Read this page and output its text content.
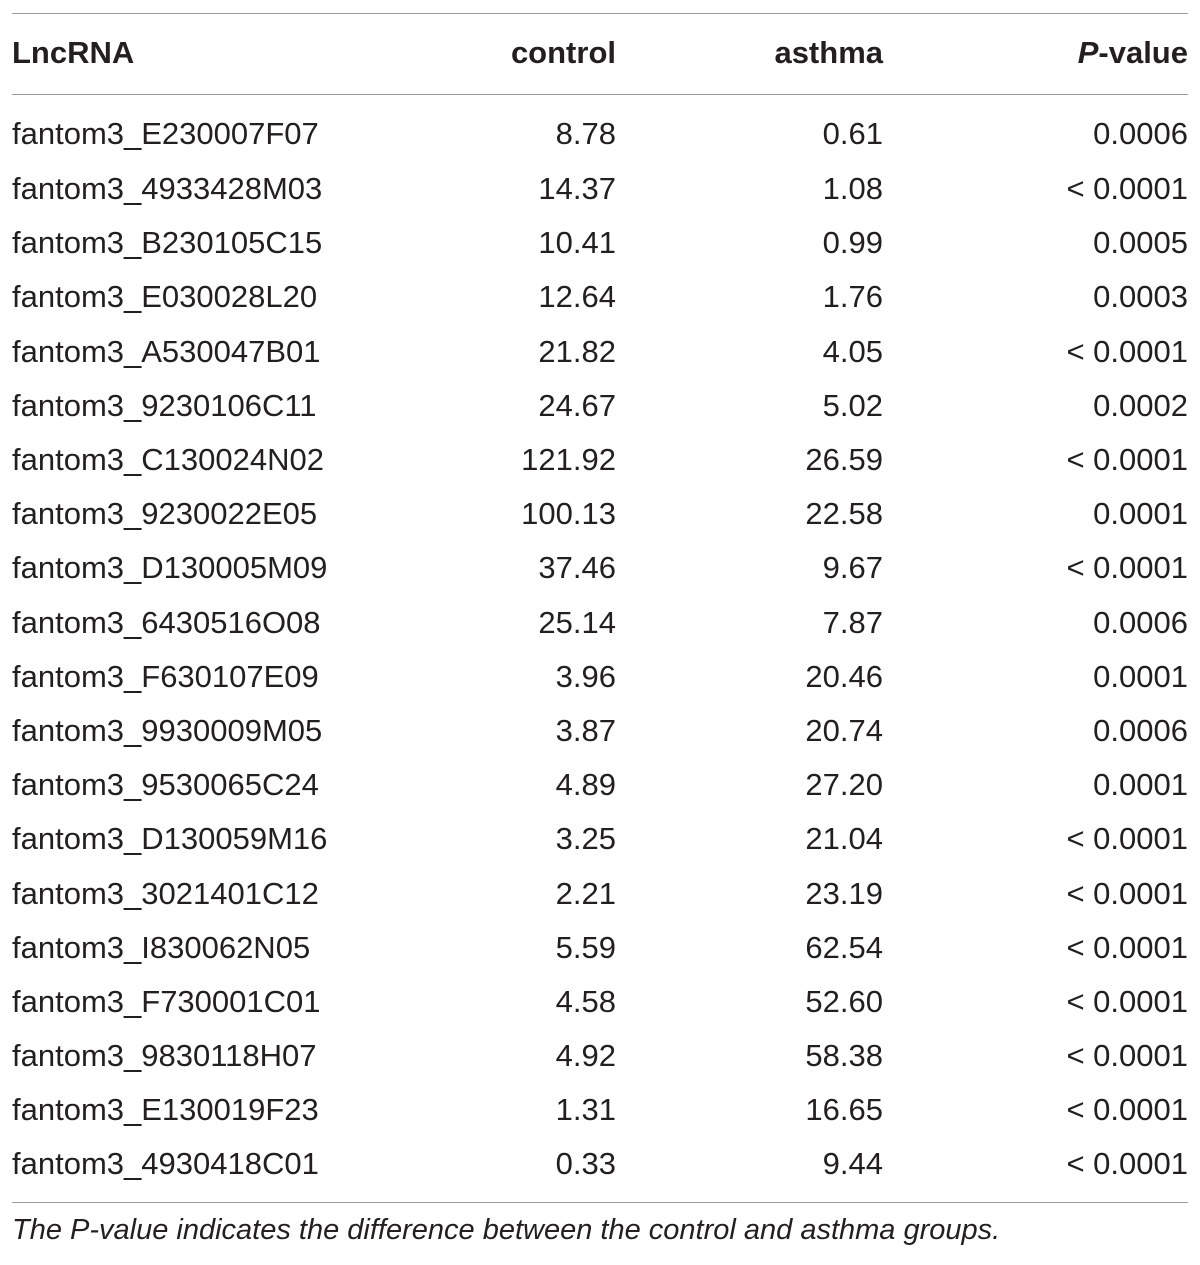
LncRNA	control	asthma	P-value
fantom3_E230007F07	8.78	0.61	0.0006
fantom3_4933428M03	14.37	1.08	< 0.0001
fantom3_B230105C15	10.41	0.99	0.0005
fantom3_E030028L20	12.64	1.76	0.0003
fantom3_A530047B01	21.82	4.05	< 0.0001
fantom3_9230106C11	24.67	5.02	0.0002
fantom3_C130024N02	121.92	26.59	< 0.0001
fantom3_9230022E05	100.13	22.58	0.0001
fantom3_D130005M09	37.46	9.67	< 0.0001
fantom3_6430516O08	25.14	7.87	0.0006
fantom3_F630107E09	3.96	20.46	0.0001
fantom3_9930009M05	3.87	20.74	0.0006
fantom3_9530065C24	4.89	27.20	0.0001
fantom3_D130059M16	3.25	21.04	< 0.0001
fantom3_3021401C12	2.21	23.19	< 0.0001
fantom3_I830062N05	5.59	62.54	< 0.0001
fantom3_F730001C01	4.58	52.60	< 0.0001
fantom3_9830118H07	4.92	58.38	< 0.0001
fantom3_E130019F23	1.31	16.65	< 0.0001
fantom3_4930418C01	0.33	9.44	< 0.0001
The P-value indicates the difference between the control and asthma groups.
